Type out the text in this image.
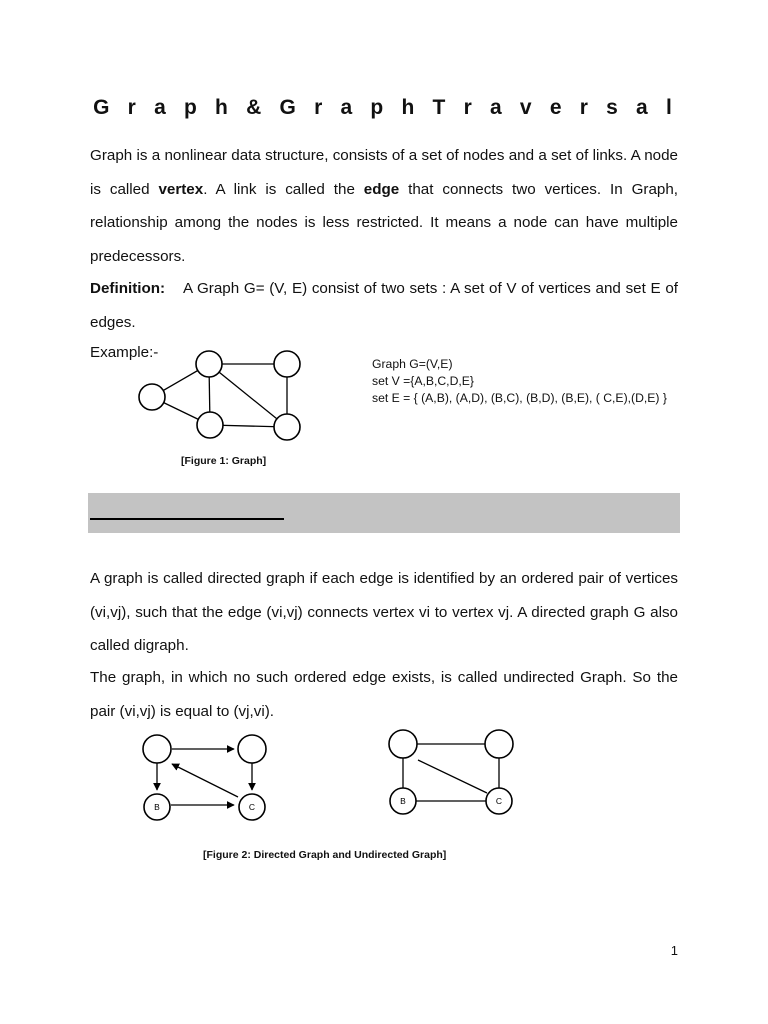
G r a p h & G r a p h T r a v e r s a l

Graph is a nonlinear data structure, consists of a set of nodes and a set of links. A node is called vertex. A link is called the edge that connects two vertices. In Graph, relationship among the nodes is less restricted. It means a node can have multiple predecessors.

Definition: A Graph G= (V, E) consist of two sets : A set of V of vertices and set E of edges.

Example:-

Graph G=(V,E)
set V ={A,B,C,D,E}
set E = { (A,B), (A,D), (B,C), (B,D), (B,E), ( C,E),(D,E) }
B	C
B	C

[Figure 1: Graph]

A graph is called directed graph if each edge is identified by an ordered pair of vertices (vi,vj), such that the edge (vi,vj) connects vertex vi to vertex vj. A directed graph G also called digraph.

The graph, in which no such ordered edge exists, is called undirected Graph. So the pair (vi,vj) is equal to (vj,vi).

[Figure 2: Directed Graph and Undirected Graph]

1
